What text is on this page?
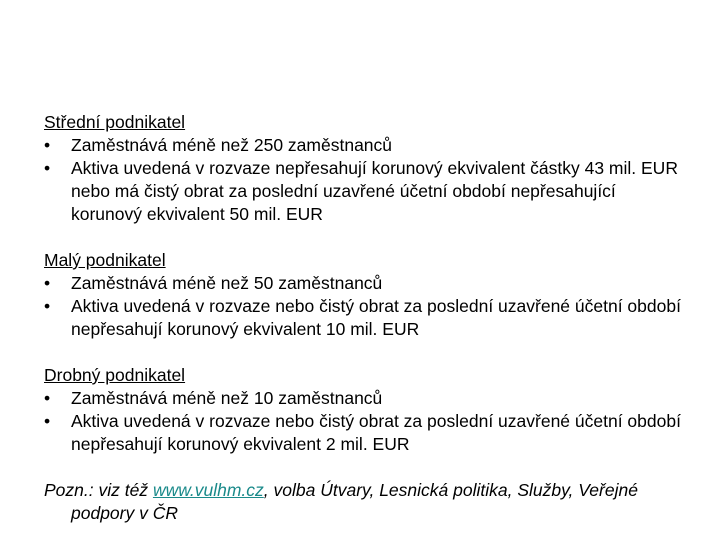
Střední podnikatel
• Zaměstnává méně než 250 zaměstnanců
• Aktiva uvedená v rozvaze nepřesahují korunový ekvivalent částky 43 mil. EUR nebo má čistý obrat za poslední uzavřené účetní období nepřesahující korunový ekvivalent 50 mil. EUR
Malý podnikatel
• Zaměstnává méně než 50 zaměstnanců
• Aktiva uvedená v rozvaze nebo čistý obrat za poslední uzavřené účetní období nepřesahují korunový ekvivalent 10 mil. EUR
Drobný podnikatel
• Zaměstnává méně než 10 zaměstnanců
• Aktiva uvedená v rozvaze nebo čistý obrat za poslední uzavřené účetní období nepřesahují korunový ekvivalent 2 mil. EUR
Pozn.: viz též www.vulhm.cz, volba Útvary, Lesnická politika, Služby, Veřejné podpory v ČR
